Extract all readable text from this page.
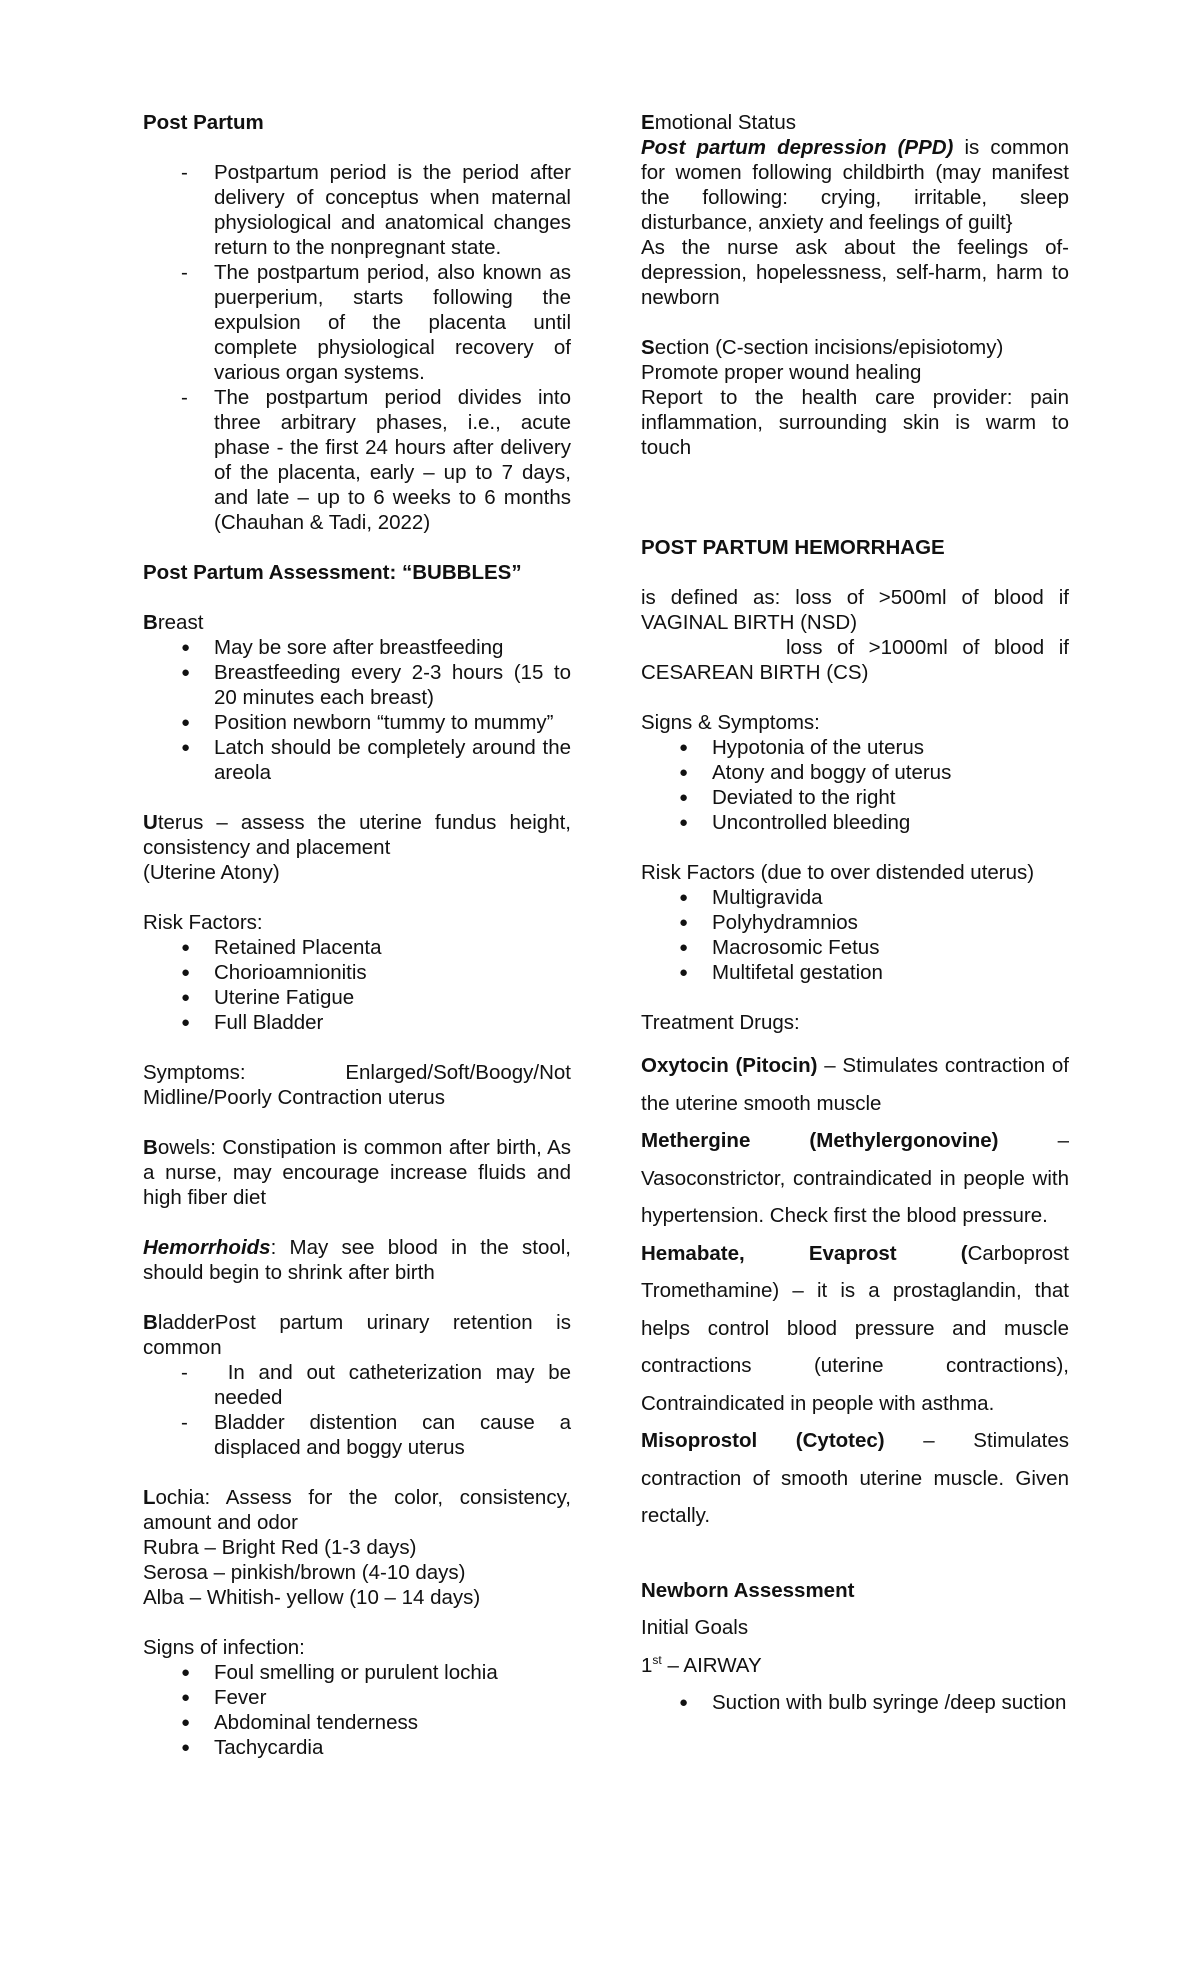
Post Partum

- Postpartum period is the period after delivery of conceptus when maternal physiological and anatomical changes return to the nonpregnant state.
- The postpartum period, also known as puerperium, starts following the expulsion of the placenta until complete physiological recovery of various organ systems.
- The postpartum period divides into three arbitrary phases, i.e., acute phase - the first 24 hours after delivery of the placenta, early – up to 7 days, and late – up to 6 weeks to 6 months (Chauhan & Tadi, 2022)

Post Partum Assessment: “BUBBLES”

Breast

● May be sore after breastfeeding
● Breastfeeding every 2-3 hours (15 to 20 minutes each breast)
● Position newborn “tummy to mummy”
● Latch should be completely around the areola

Uterus – assess the uterine fundus height, consistency and placement

(Uterine Atony)

Risk Factors:

● Retained Placenta
● Chorioamnionitis
● Uterine Fatigue
● Full Bladder

Symptoms: Enlarged/Soft/Boogy/Not

Midline/Poorly Contraction uterus

Bowels: Constipation is common after birth, As a nurse, may encourage increase fluids and high fiber diet

Hemorrhoids: May see blood in the stool, should begin to shrink after birth

BladderPost partum urinary retention is common

- In and out catheterization may be needed
- Bladder distention can cause a displaced and boggy uterus

Lochia: Assess for the color, consistency, amount and odor

Rubra – Bright Red (1-3 days)

Serosa – pinkish/brown (4-10 days)

Alba – Whitish- yellow (10 – 14 days)

Signs of infection:

● Foul smelling or purulent lochia
● Fever
● Abdominal tenderness
● Tachycardia

Emotional Status

Post partum depression (PPD) is common for women following childbirth (may manifest the following: crying, irritable, sleep disturbance, anxiety and feelings of guilt}

As the nurse ask about the feelings of-depression, hopelessness, self-harm, harm to newborn

Section (C-section incisions/episiotomy)

Promote proper wound healing

Report to the health care provider: pain inflammation, surrounding skin is warm to touch

POST PARTUM HEMORRHAGE

is defined as: loss of >500ml of blood if VAGINAL BIRTH (NSD)

loss of >1000ml of blood if

CESAREAN BIRTH (CS)

Signs & Symptoms:

● Hypotonia of the uterus
● Atony and boggy of uterus
● Deviated to the right
● Uncontrolled bleeding

Risk Factors (due to over distended uterus)

● Multigravida
● Polyhydramnios
● Macrosomic Fetus
● Multifetal gestation

Treatment Drugs:

Oxytocin (Pitocin) – Stimulates contraction of the uterine smooth muscle

Methergine (Methylergonovine) – Vasoconstrictor, contraindicated in people with hypertension. Check first the blood pressure.

Hemabate, Evaprost (Carboprost Tromethamine) – it is a prostaglandin, that helps control blood pressure and muscle contractions (uterine contractions), Contraindicated in people with asthma.

Misoprostol (Cytotec) – Stimulates contraction of smooth uterine muscle. Given rectally.

Newborn Assessment

Initial Goals

1st – AIRWAY

● Suction with bulb syringe /deep suction
